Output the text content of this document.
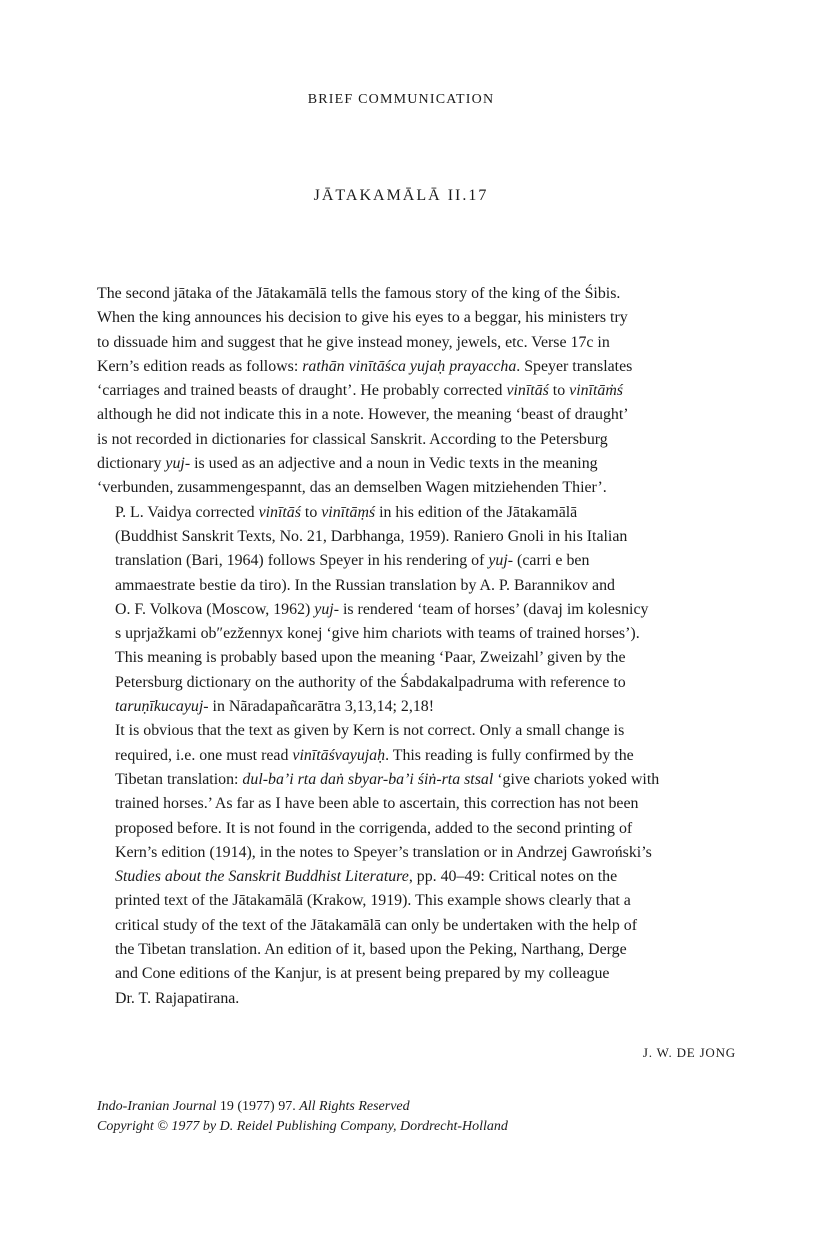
BRIEF COMMUNICATION
JĀTAKAMĀLĀ II.17

The second jātaka of the Jātakamālā tells the famous story of the king of the Śibis.
When the king announces his decision to give his eyes to a beggar, his ministers try
to dissuade him and suggest that he give instead money, jewels, etc. Verse 17c in
Kern’s edition reads as follows: rathān vinītāśca yujaḥ prayaccha. Speyer translates
‘carriages and trained beasts of draught’. He probably corrected vinītāś to vinītāṁś
although he did not indicate this in a note. However, the meaning ‘beast of draught’
is not recorded in dictionaries for classical Sanskrit. According to the Petersburg
dictionary yuj- is used as an adjective and a noun in Vedic texts in the meaning
‘verbunden, zusammengespannt, das an demselben Wagen mitziehenden Thier’.

P. L. Vaidya corrected vinītāś to vinītāṃś in his edition of the Jātakamālā
(Buddhist Sanskrit Texts, No. 21, Darbhanga, 1959). Raniero Gnoli in his Italian
translation (Bari, 1964) follows Speyer in his rendering of yuj- (carri e ben
ammaestrate bestie da tiro). In the Russian translation by A. P. Barannikov and
O. F. Volkova (Moscow, 1962) yuj- is rendered ‘team of horses’ (davaj im kolesnicy
s uprjažkami ob″ezžennyx konej ‘give him chariots with teams of trained horses’).
This meaning is probably based upon the meaning ‘Paar, Zweizahl’ given by the
Petersburg dictionary on the authority of the Śabdakalpadruma with reference to
taruṇīkucayuj- in Nāradapañcarātra 3,13,14; 2,18!

It is obvious that the text as given by Kern is not correct. Only a small change is
required, i.e. one must read vinītāśvayujaḥ. This reading is fully confirmed by the
Tibetan translation: dul-ba’i rta daṅ sbyar-ba’i śiṅ-rta stsal ‘give chariots yoked with
trained horses.’ As far as I have been able to ascertain, this correction has not been
proposed before. It is not found in the corrigenda, added to the second printing of
Kern’s edition (1914), in the notes to Speyer’s translation or in Andrzej Gawroński’s
Studies about the Sanskrit Buddhist Literature, pp. 40–49: Critical notes on the
printed text of the Jātakamālā (Krakow, 1919). This example shows clearly that a
critical study of the text of the Jātakamālā can only be undertaken with the help of
the Tibetan translation. An edition of it, based upon the Peking, Narthang, Derge
and Cone editions of the Kanjur, is at present being prepared by my colleague
Dr. T. Rajapatirana.

J. W. DE JONG
Indo-Iranian Journal 19 (1977) 97. All Rights Reserved
Copyright © 1977 by D. Reidel Publishing Company, Dordrecht-Holland
